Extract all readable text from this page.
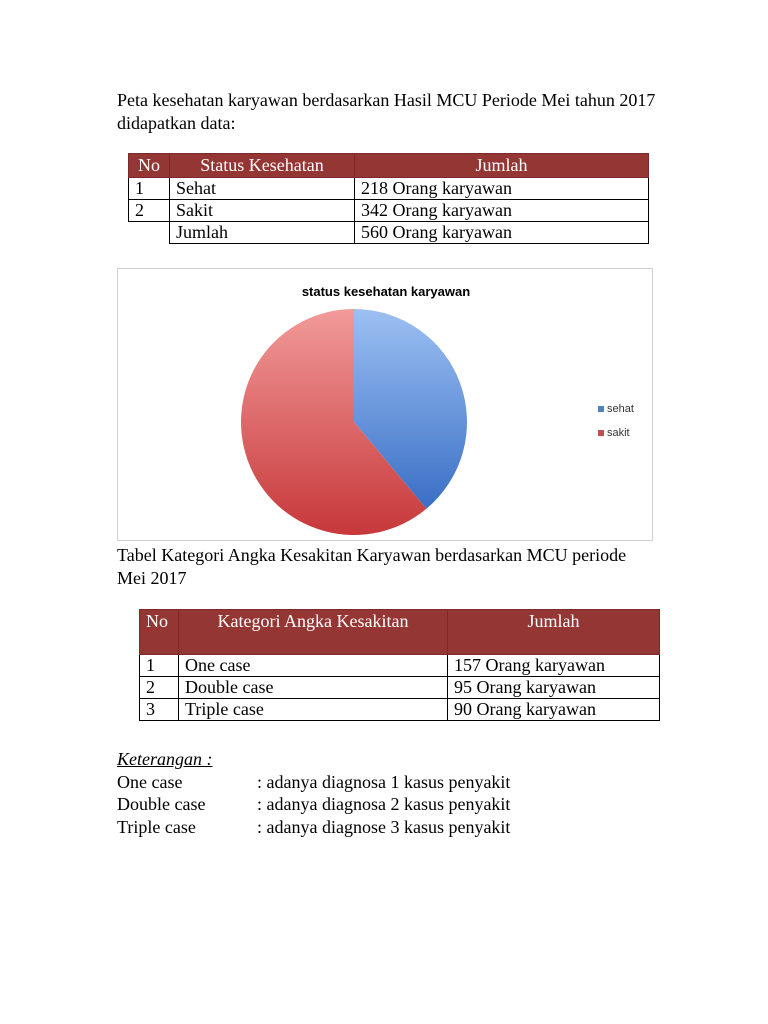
Peta kesehatan karyawan berdasarkan Hasil MCU Periode Mei tahun 2017 didapatkan data:

No	Status Kesehatan	Jumlah
1	Sehat	218 Orang karyawan
2	Sakit	342 Orang karyawan
	Jumlah	560 Orang karyawan
status kesehatan karyawan
sehat
sakit

Tabel Kategori Angka Kesakitan Karyawan berdasarkan MCU periode Mei 2017

No	Kategori Angka Kesakitan	Jumlah
1	One case	157 Orang karyawan
2	Double case	95 Orang karyawan
3	Triple case	90 Orang karyawan
Keterangan :
One case	: adanya diagnosa 1 kasus penyakit
Double case	: adanya diagnosa 2 kasus penyakit
Triple case	: adanya diagnose 3 kasus penyakit
